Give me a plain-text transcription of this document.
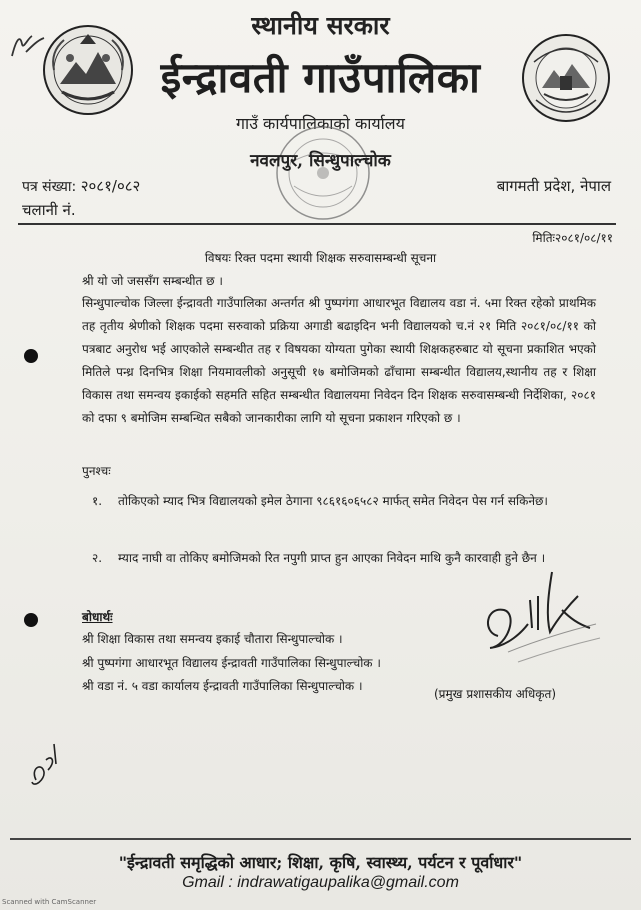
स्थानीय सरकार
ईन्द्रावती गाउँपालिका
गाउँ कार्यपालिकाको कार्यालय
नवलपुर, सिन्धुपाल्चोक
पत्र संख्या: २०८१/०८२
चलानी नं.
बागमती प्रदेश, नेपाल
मितिः२०८१/०८/११
विषयः रिक्त पदमा स्थायी शिक्षक सरुवासम्बन्धी सूचना
श्री यो जो जससँग सम्बन्धीत छ ।
सिन्धुपाल्चोक जिल्ला ईन्द्रावती गाउँपालिका अन्तर्गत श्री पुष्पगंगा आधारभूत विद्यालय वडा नं. ५मा रिक्त रहेको प्राथमिक तह तृतीय श्रेणीको शिक्षक पदमा सरुवाको प्रक्रिया अगाडी बढाइदिन भनी विद्यालयको च.नं २१ मिति २०८१/०८/११ को पत्रबाट अनुरोध भई आएकोले सम्बन्धीत तह र विषयका योग्यता पुगेका स्थायी शिक्षकहरुबाट यो सूचना प्रकाशित भएको मितिले पन्ध्र दिनभित्र शिक्षा नियमावलीको अनुसूची १७ बमोजिमको ढाँचामा सम्बन्धीत विद्यालय,स्थानीय तह र शिक्षा विकास तथा समन्वय इकाईको सहमति सहित सम्बन्धीत विद्यालयमा निवेदन दिन शिक्षक सरुवासम्बन्धी निर्देशिका, २०८१ को दफा ९ बमोजिम सम्बन्धित सबैको जानकारीका लागि यो सूचना प्रकाशन गरिएको छ ।
पुनश्चः
१.	तोकिएको म्याद भित्र विद्यालयको इमेल ठेगाना ९८६१६०६५८२ मार्फत् समेत निवेदन पेस गर्न सकिनेछ।
२.	म्याद नाघी वा तोकिए बमोजिमको रित नपुगी प्राप्त हुन आएका निवेदन माथि कुनै कारवाही हुने छैन ।
बोधार्थः
श्री शिक्षा विकास तथा समन्वय इकाई चौतारा सिन्धुपाल्चोक ।
श्री पुष्पगंगा आधारभूत विद्यालय ईन्द्रावती गाउँपालिका सिन्धुपाल्चोक ।
श्री वडा नं. ५ वडा कार्यालय ईन्द्रावती गाउँपालिका सिन्धुपाल्चोक ।
(प्रमुख प्रशासकीय अधिकृत)
"ईन्द्रावती समृद्धिको आधार; शिक्षा, कृषि, स्वास्थ्य, पर्यटन र पूर्वाधार"
Gmail : indrawatigaupalika@gmail.com
Scanned with CamScanner
